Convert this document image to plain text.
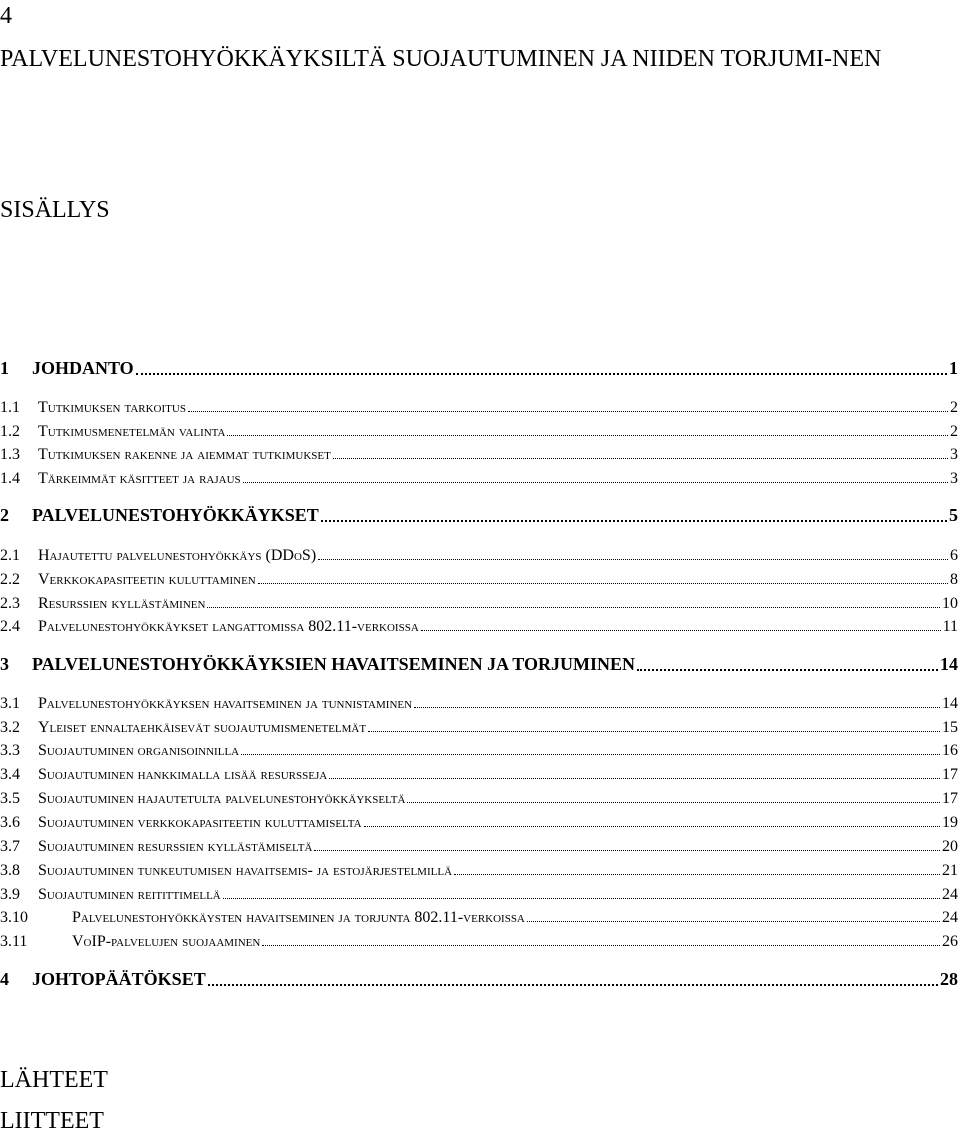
4
PALVELUNESTOHYÖKKÄYKSILTÄ SUOJAUTUMINEN JA NIIDEN TORJUMI-NEN
SISÄLLYS
1	JOHDANTO	1
1.1	Tutkimuksen tarkoitus	2
1.2	Tutkimusmenetelmän valinta	2
1.3	Tutkimuksen rakenne ja aiemmat tutkimukset	3
1.4	Tärkeimmät käsitteet ja rajaus	3
2	PALVELUNESTOHYÖKKÄYKSET	5
2.1	Hajautettu palvelunestohyökkäys (DDoS)	6
2.2	Verkkokapasiteetin kuluttaminen	8
2.3	Resurssien kyllästäminen	10
2.4	Palvelunestohyökkäykset langattomissa 802.11-verkoissa	11
3	PALVELUNESTOHYÖKKÄYKSIEN HAVAITSEMINEN JA TORJUMINEN	14
3.1	Palvelunestohyökkäyksen havaitseminen ja tunnistaminen	14
3.2	Yleiset ennaltaehkäisevät suojautumismenetelmät	15
3.3	Suojautuminen organisoinnilla	16
3.4	Suojautuminen hankkimalla lisää resursseja	17
3.5	Suojautuminen hajautetulta palvelunestohyökkäykseltä	17
3.6	Suojautuminen verkkokapasiteetin kuluttamiselta	19
3.7	Suojautuminen resurssien kyllästämiseltä	20
3.8	Suojautuminen tunkeutumisen havaitsemis- ja estojärjestelmillä	21
3.9	Suojautuminen reitittimellä	24
3.10	Palvelunestohyökkäysten havaitseminen ja torjunta 802.11-verkoissa	24
3.11	VoIP-palvelujen suojaaminen	26
4	JOHTOPÄÄTÖKSET	28
LÄHTEET
LIITTEET
